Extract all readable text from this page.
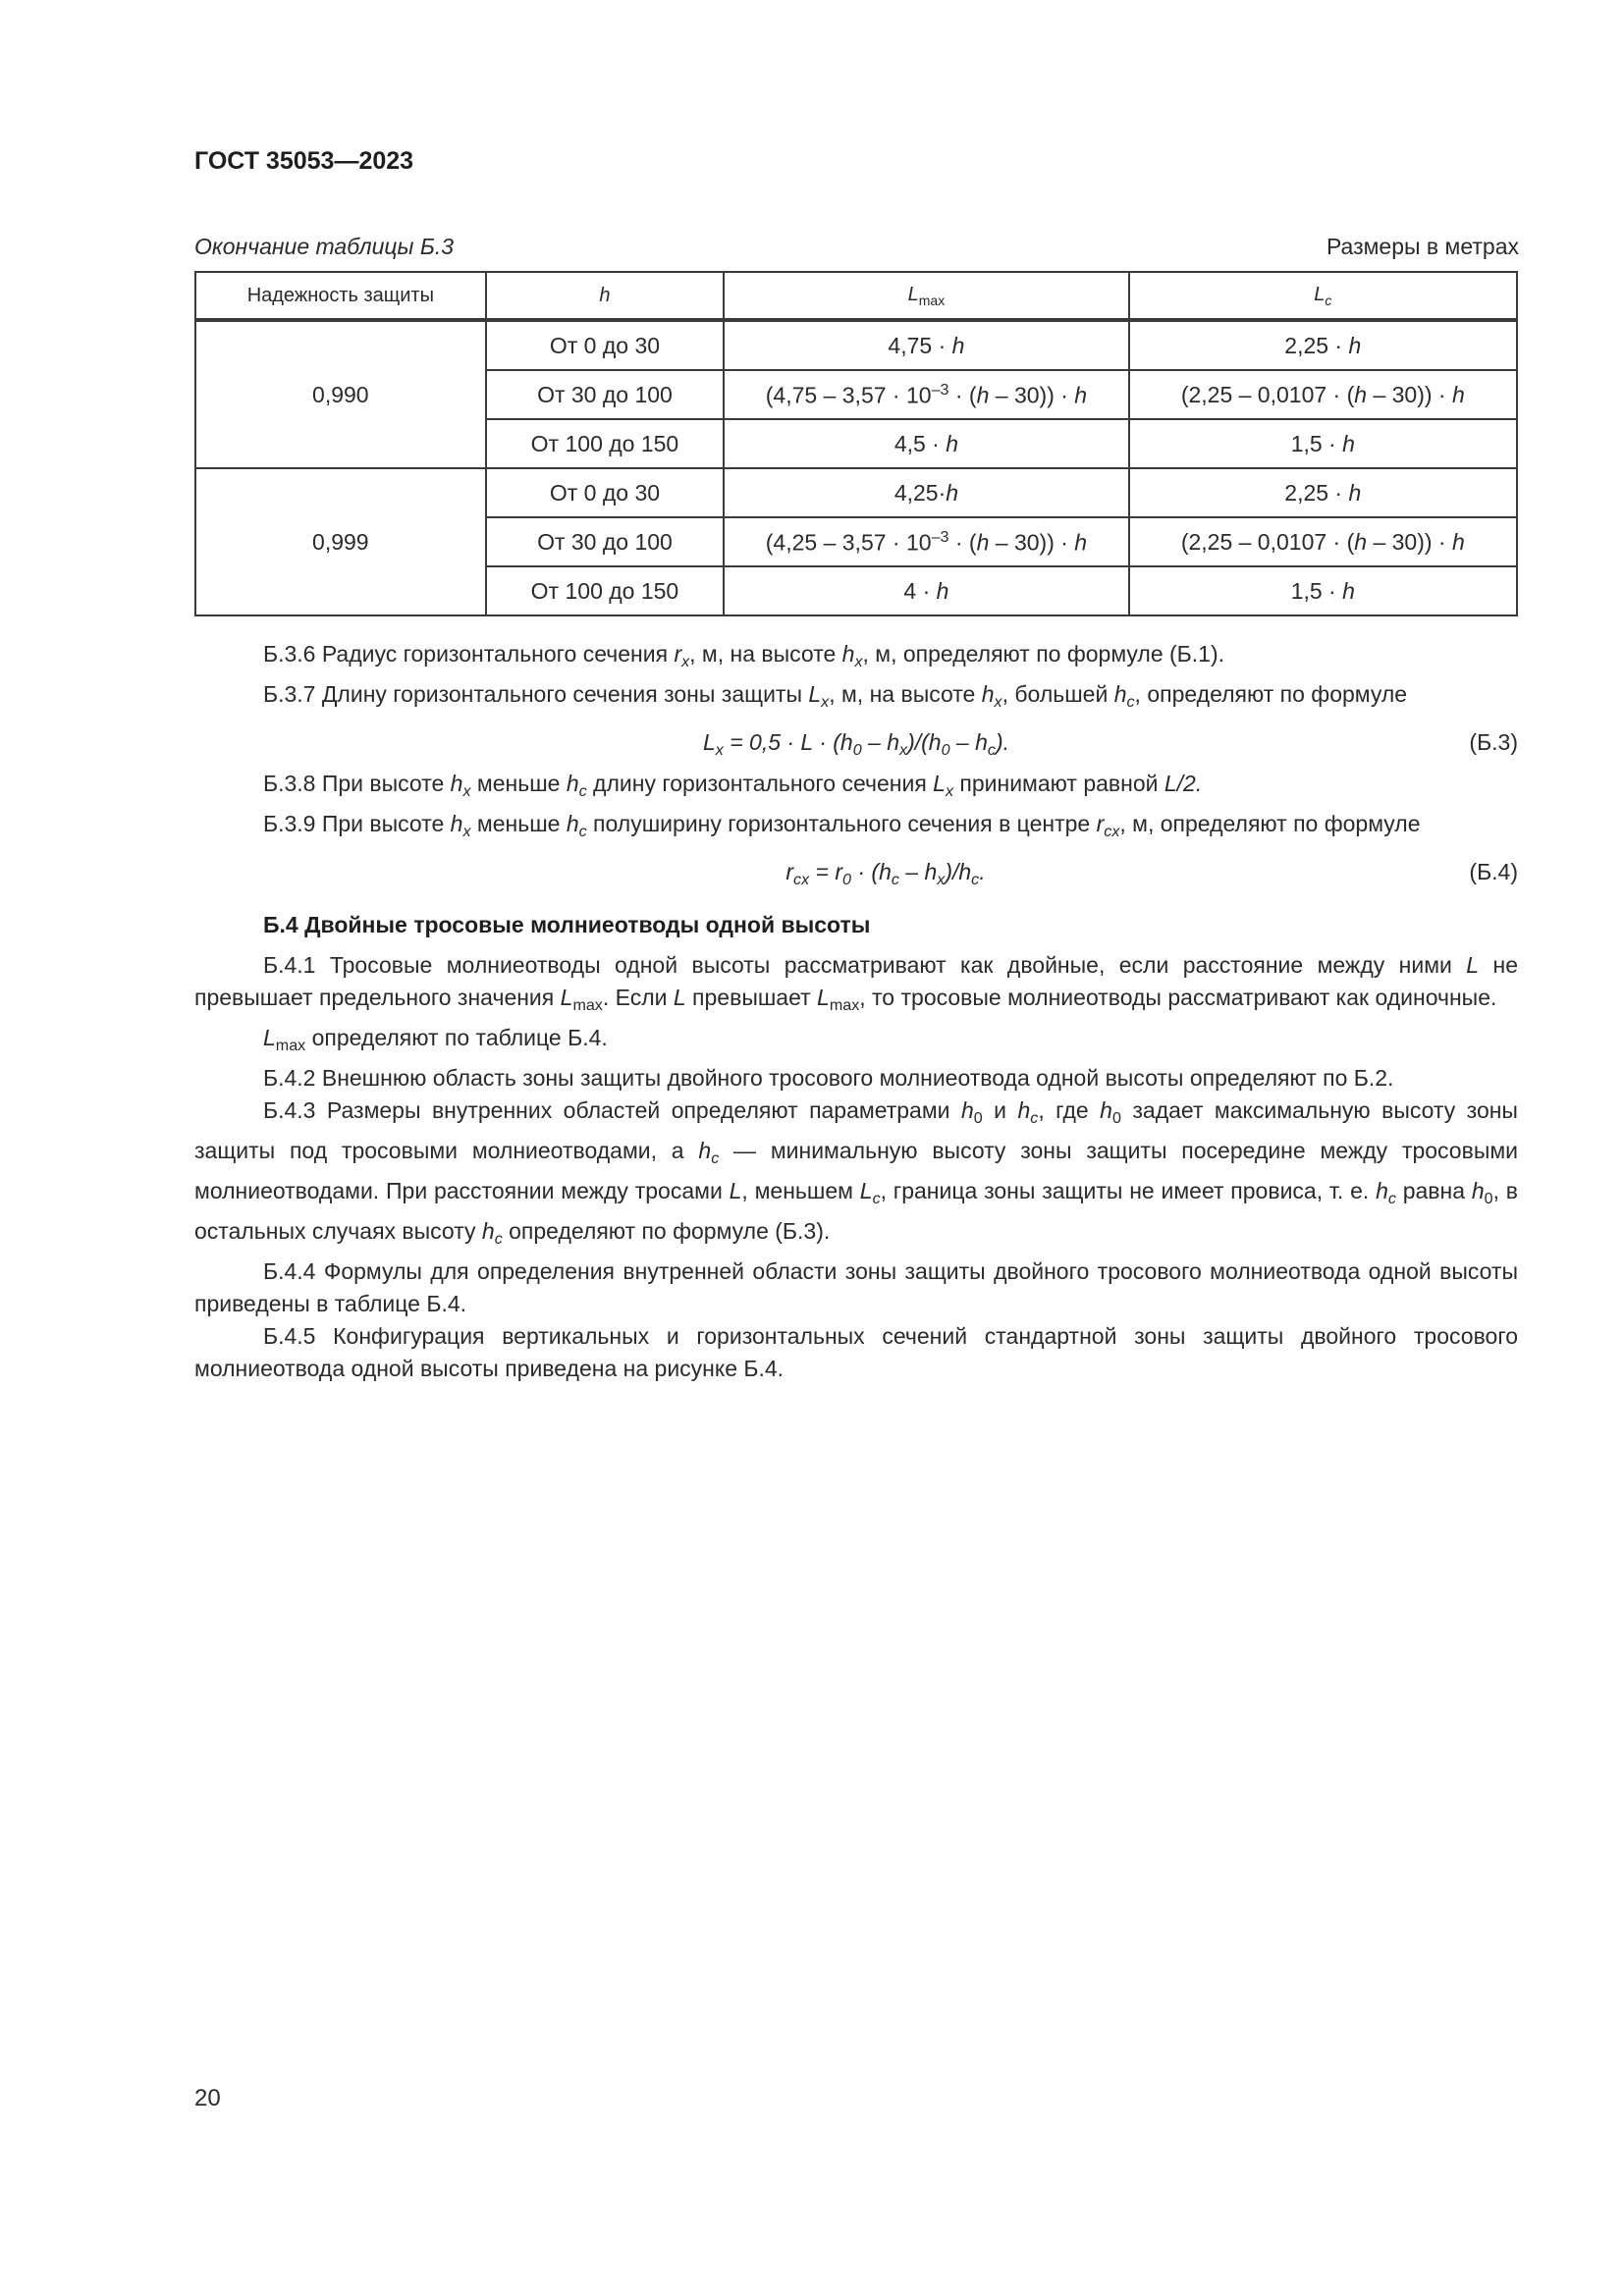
ГОСТ 35053—2023
Окончание таблицы Б.3	Размеры в метрах
Надежность защиты	h	$L_{max}$	$L_c$
0,990	От 0 до 30	4,75 · h	2,25 · h
	От 30 до 100	$(4,75 - 3,57 \cdot 10^{-3} \cdot (h - 30)) \cdot h$	(2,25 – 0,0107 · (h – 30)) · h
	От 100 до 150	4,5 · h	1,5 · h
0,999	От 0 до 30	4,25·h	2,25 · h
	От 30 до 100	$(4,25 - 3,57 \cdot 10^{-3} \cdot (h - 30)) \cdot h$	(2,25 – 0,0107 · (h – 30)) · h
	От 100 до 150	4 · h	1,5 · h

Б.3.6 Радиус горизонтального сечения $r_x$, м, на высоте $h_x$, м, определяют по формуле (Б.1).

Б.3.7 Длину горизонтального сечения зоны защиты $L_x$, м, на высоте $h_x$, большей $h_c$, определяют по формуле

$L_x = 0,5 \cdot L \cdot (h_0 - h_x)/(h_0 - h_c)$.	(Б.3)

Б.3.8 При высоте $h_x$ меньше $h_c$ длину горизонтального сечения $L_x$ принимают равной L/2.

Б.3.9 При высоте $h_x$ меньше $h_c$ полуширину горизонтального сечения в центре $r_{cx}$, м, определяют по формуле

$r_{cx} = r_0 \cdot (h_c - h_x)/h_c$.	(Б.4)

Б.4 Двойные тросовые молниеотводы одной высоты

Б.4.1 Тросовые молниеотводы одной высоты рассматривают как двойные, если расстояние между ними L не превышает предельного значения $L_{max}$. Если L превышает $L_{max}$, то тросовые молниеотводы рассматривают как одиночные.

$L_{max}$ определяют по таблице Б.4.

Б.4.2 Внешнюю область зоны защиты двойного тросового молниеотвода одной высоты определяют по Б.2.

Б.4.3 Размеры внутренних областей определяют параметрами $h_0$ и $h_c$, где $h_0$ задает максимальную высоту зоны защиты под тросовыми молниеотводами, а $h_c$ — минимальную высоту зоны защиты посередине между тросовыми молниеотводами. При расстоянии между тросами L, меньшем $L_c$, граница зоны защиты не имеет провиса, т. е. $h_c$ равна $h_0$, в остальных случаях высоту $h_c$ определяют по формуле (Б.3).

Б.4.4 Формулы для определения внутренней области зоны защиты двойного тросового молниеотвода одной высоты приведены в таблице Б.4.

Б.4.5 Конфигурация вертикальных и горизонтальных сечений стандартной зоны защиты двойного тросового молниеотвода одной высоты приведена на рисунке Б.4.

20
